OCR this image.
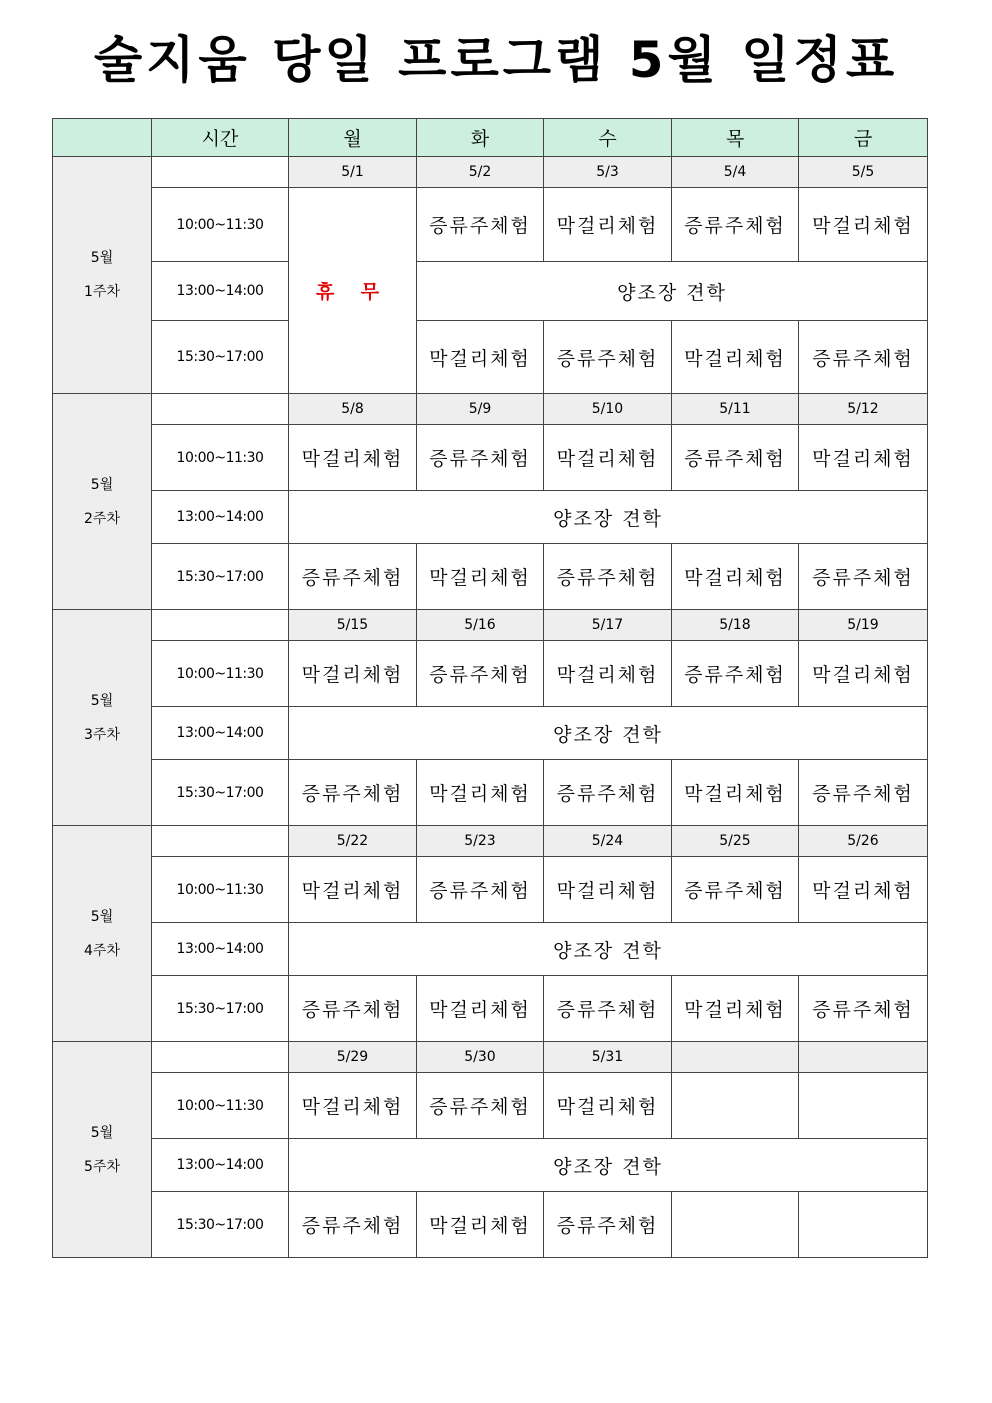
술지움 당일 프로그램 5월 일정표
	시간	월	화	수	목	금
5월
1주차		5/1	5/2	5/3	5/4	5/5
	10:00~11:30	휴 무	증류주체험	막걸리체험	증류주체험	막걸리체험
	13:00~14:00		양조장 견학			
	15:30~17:00		막걸리체험	증류주체험	막걸리체험	증류주체험
5월
2주차		5/8	5/9	5/10	5/11	5/12
	10:00~11:30	막걸리체험	증류주체험	막걸리체험	증류주체험	막걸리체험
	13:00~14:00	양조장 견학				
	15:30~17:00	증류주체험	막걸리체험	증류주체험	막걸리체험	증류주체험
5월
3주차		5/15	5/16	5/17	5/18	5/19
	10:00~11:30	막걸리체험	증류주체험	막걸리체험	증류주체험	막걸리체험
	13:00~14:00	양조장 견학				
	15:30~17:00	증류주체험	막걸리체험	증류주체험	막걸리체험	증류주체험
5월
4주차		5/22	5/23	5/24	5/25	5/26
	10:00~11:30	막걸리체험	증류주체험	막걸리체험	증류주체험	막걸리체험
	13:00~14:00	양조장 견학				
	15:30~17:00	증류주체험	막걸리체험	증류주체험	막걸리체험	증류주체험
5월
5주차		5/29	5/30	5/31		
	10:00~11:30	막걸리체험	증류주체험	막걸리체험		
	13:00~14:00	양조장 견학				
	15:30~17:00	증류주체험	막걸리체험	증류주체험		
